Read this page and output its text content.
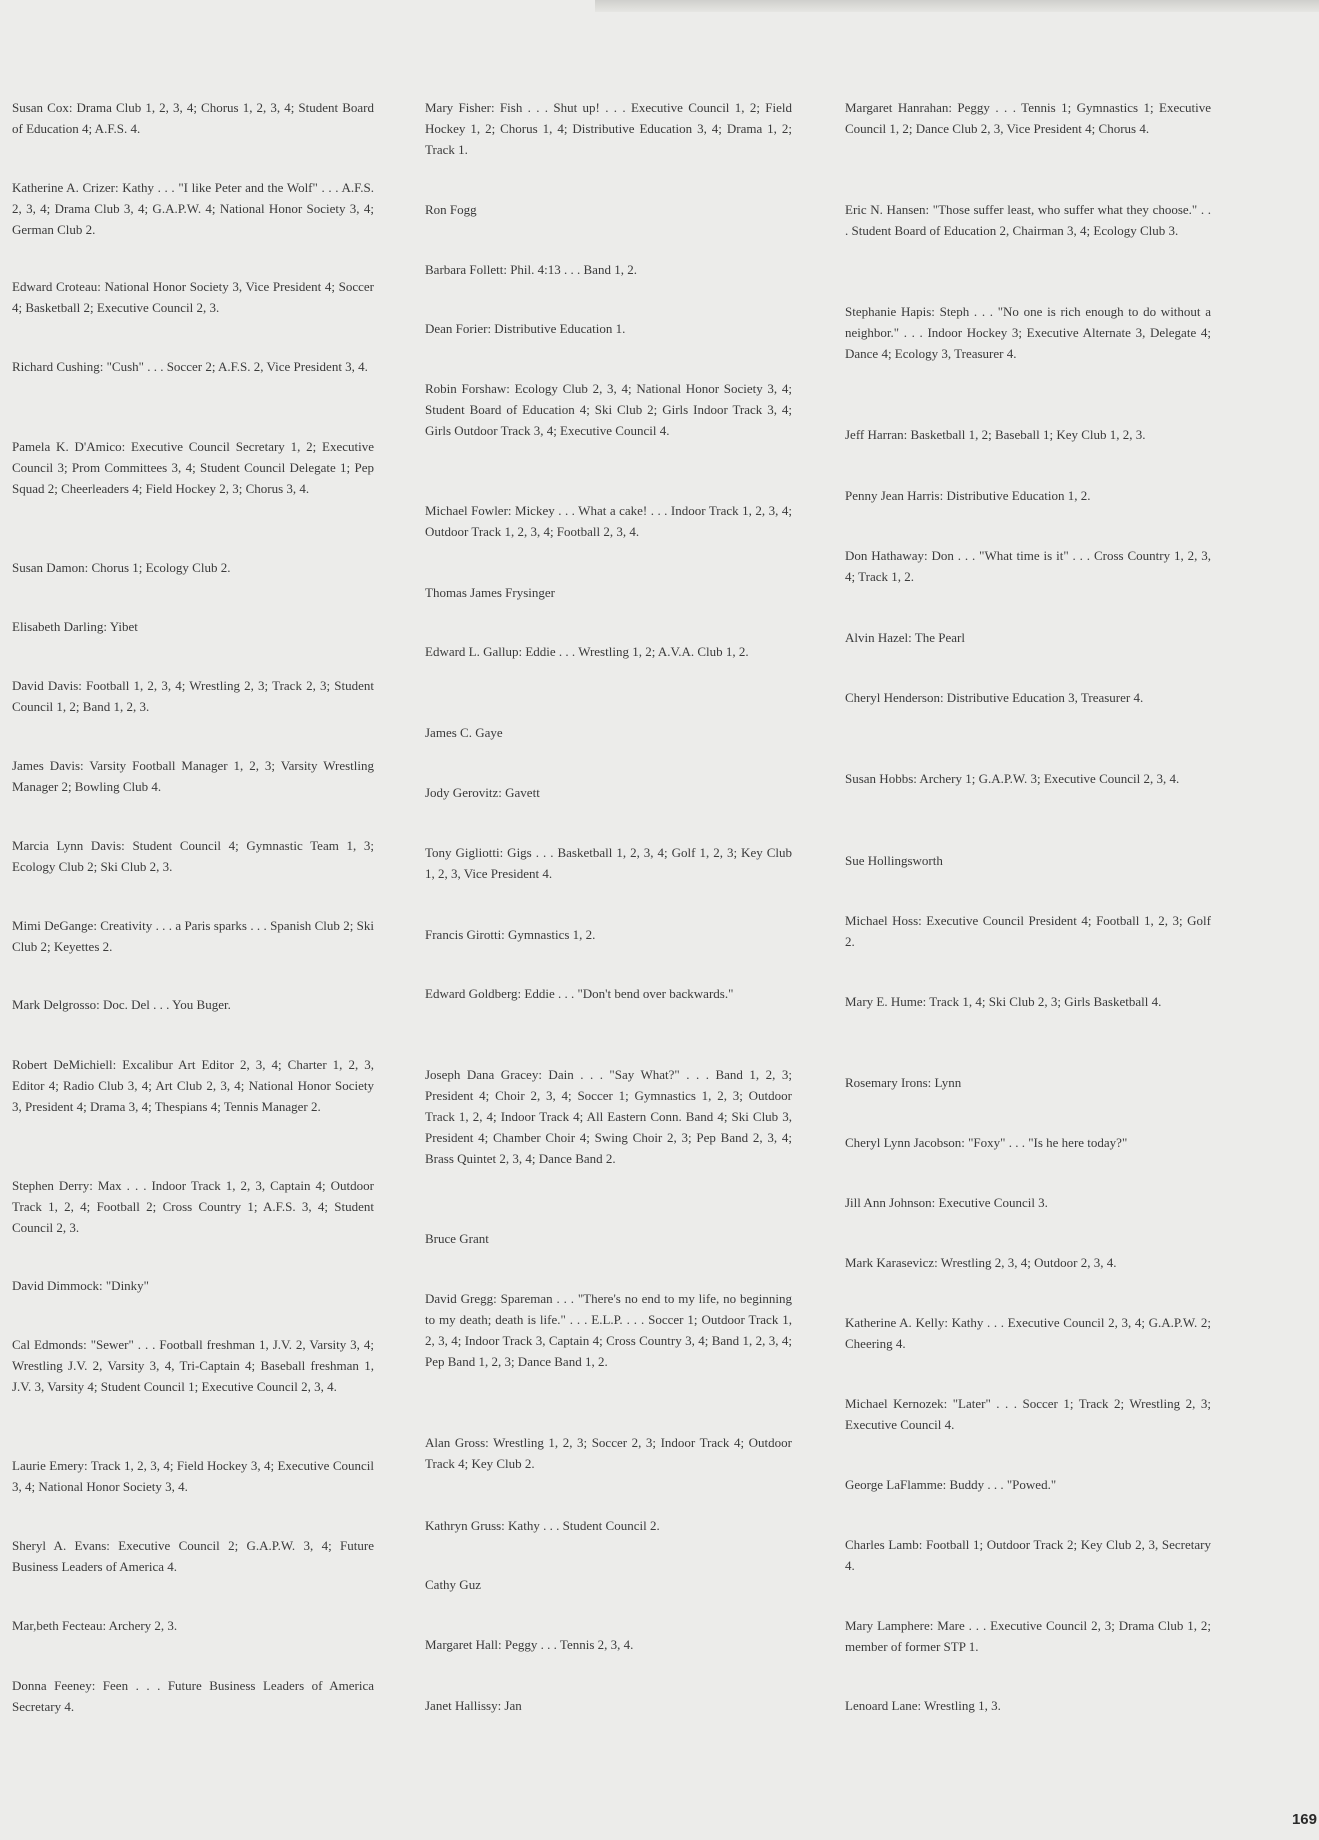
Susan Cox: Drama Club 1, 2, 3, 4; Chorus 1, 2, 3, 4; Student Board of Education 4; A.F.S. 4.

Katherine A. Crizer: Kathy . . . "I like Peter and the Wolf" . . . A.F.S. 2, 3, 4; Drama Club 3, 4; G.A.P.W. 4; National Honor Society 3, 4; German Club 2.

Edward Croteau: National Honor Society 3, Vice President 4; Soccer 4; Basketball 2; Executive Council 2, 3.

Richard Cushing: "Cush" . . . Soccer 2; A.F.S. 2, Vice President 3, 4.

Pamela K. D'Amico: Executive Council Secretary 1, 2; Executive Council 3; Prom Committees 3, 4; Student Council Delegate 1; Pep Squad 2; Cheerleaders 4; Field Hockey 2, 3; Chorus 3, 4.

Susan Damon: Chorus 1; Ecology Club 2.

Elisabeth Darling: Yibet

David Davis: Football 1, 2, 3, 4; Wrestling 2, 3; Track 2, 3; Student Council 1, 2; Band 1, 2, 3.

James Davis: Varsity Football Manager 1, 2, 3; Varsity Wrestling Manager 2; Bowling Club 4.

Marcia Lynn Davis: Student Council 4; Gymnastic Team 1, 3; Ecology Club 2; Ski Club 2, 3.

Mimi DeGange: Creativity . . . a Paris sparks . . . Spanish Club 2; Ski Club 2; Keyettes 2.

Mark Delgrosso: Doc. Del . . . You Buger.

Robert DeMichiell: Excalibur Art Editor 2, 3, 4; Charter 1, 2, 3, Editor 4; Radio Club 3, 4; Art Club 2, 3, 4; National Honor Society 3, President 4; Drama 3, 4; Thespians 4; Tennis Manager 2.

Stephen Derry: Max . . . Indoor Track 1, 2, 3, Captain 4; Outdoor Track 1, 2, 4; Football 2; Cross Country 1; A.F.S. 3, 4; Student Council 2, 3.

David Dimmock: "Dinky"

Cal Edmonds: "Sewer" . . . Football freshman 1, J.V. 2, Varsity 3, 4; Wrestling J.V. 2, Varsity 3, 4, Tri-Captain 4; Baseball freshman 1, J.V. 3, Varsity 4; Student Council 1; Executive Council 2, 3, 4.

Laurie Emery: Track 1, 2, 3, 4; Field Hockey 3, 4; Executive Council 3, 4; National Honor Society 3, 4.

Sheryl A. Evans: Executive Council 2; G.A.P.W. 3, 4; Future Business Leaders of America 4.

Mar,beth Fecteau: Archery 2, 3.

Donna Feeney: Feen . . . Future Business Leaders of America Secretary 4.

Mary Fisher: Fish . . . Shut up! . . . Executive Council 1, 2; Field Hockey 1, 2; Chorus 1, 4; Distributive Education 3, 4; Drama 1, 2; Track 1.

Ron Fogg

Barbara Follett: Phil. 4:13 . . . Band 1, 2.

Dean Forier: Distributive Education 1.

Robin Forshaw: Ecology Club 2, 3, 4; National Honor Society 3, 4; Student Board of Education 4; Ski Club 2; Girls Indoor Track 3, 4; Girls Outdoor Track 3, 4; Executive Council 4.

Michael Fowler: Mickey . . . What a cake! . . . Indoor Track 1, 2, 3, 4; Outdoor Track 1, 2, 3, 4; Football 2, 3, 4.

Thomas James Frysinger

Edward L. Gallup: Eddie . . . Wrestling 1, 2; A.V.A. Club 1, 2.

James C. Gaye

Jody Gerovitz: Gavett

Tony Gigliotti: Gigs . . . Basketball 1, 2, 3, 4; Golf 1, 2, 3; Key Club 1, 2, 3, Vice President 4.

Francis Girotti: Gymnastics 1, 2.

Edward Goldberg: Eddie . . . "Don't bend over backwards."

Joseph Dana Gracey: Dain . . . "Say What?" . . . Band 1, 2, 3; President 4; Choir 2, 3, 4; Soccer 1; Gymnastics 1, 2, 3; Outdoor Track 1, 2, 4; Indoor Track 4; All Eastern Conn. Band 4; Ski Club 3, President 4; Chamber Choir 4; Swing Choir 2, 3; Pep Band 2, 3, 4; Brass Quintet 2, 3, 4; Dance Band 2.

Bruce Grant

David Gregg: Spareman . . . "There's no end to my life, no beginning to my death; death is life." . . . E.L.P. . . . Soccer 1; Outdoor Track 1, 2, 3, 4; Indoor Track 3, Captain 4; Cross Country 3, 4; Band 1, 2, 3, 4; Pep Band 1, 2, 3; Dance Band 1, 2.

Alan Gross: Wrestling 1, 2, 3; Soccer 2, 3; Indoor Track 4; Outdoor Track 4; Key Club 2.

Kathryn Gruss: Kathy . . . Student Council 2.

Cathy Guz

Margaret Hall: Peggy . . . Tennis 2, 3, 4.

Janet Hallissy: Jan

Margaret Hanrahan: Peggy . . . Tennis 1; Gymnastics 1; Executive Council 1, 2; Dance Club 2, 3, Vice President 4; Chorus 4.

Eric N. Hansen: "Those suffer least, who suffer what they choose." . . . Student Board of Education 2, Chairman 3, 4; Ecology Club 3.

Stephanie Hapis: Steph . . . "No one is rich enough to do without a neighbor." . . . Indoor Hockey 3; Executive Alternate 3, Delegate 4; Dance 4; Ecology 3, Treasurer 4.

Jeff Harran: Basketball 1, 2; Baseball 1; Key Club 1, 2, 3.

Penny Jean Harris: Distributive Education 1, 2.

Don Hathaway: Don . . . "What time is it" . . . Cross Country 1, 2, 3, 4; Track 1, 2.

Alvin Hazel: The Pearl

Cheryl Henderson: Distributive Education 3, Treasurer 4.

Susan Hobbs: Archery 1; G.A.P.W. 3; Executive Council 2, 3, 4.

Sue Hollingsworth

Michael Hoss: Executive Council President 4; Football 1, 2, 3; Golf 2.

Mary E. Hume: Track 1, 4; Ski Club 2, 3; Girls Basketball 4.

Rosemary Irons: Lynn

Cheryl Lynn Jacobson: "Foxy" . . . "Is he here today?"

Jill Ann Johnson: Executive Council 3.

Mark Karasevicz: Wrestling 2, 3, 4; Outdoor 2, 3, 4.

Katherine A. Kelly: Kathy . . . Executive Council 2, 3, 4; G.A.P.W. 2; Cheering 4.

Michael Kernozek: "Later" . . . Soccer 1; Track 2; Wrestling 2, 3; Executive Council 4.

George LaFlamme: Buddy . . . "Powed."

Charles Lamb: Football 1; Outdoor Track 2; Key Club 2, 3, Secretary 4.

Mary Lamphere: Mare . . . Executive Council 2, 3; Drama Club 1, 2; member of former STP 1.

Lenoard Lane: Wrestling 1, 3.

169
